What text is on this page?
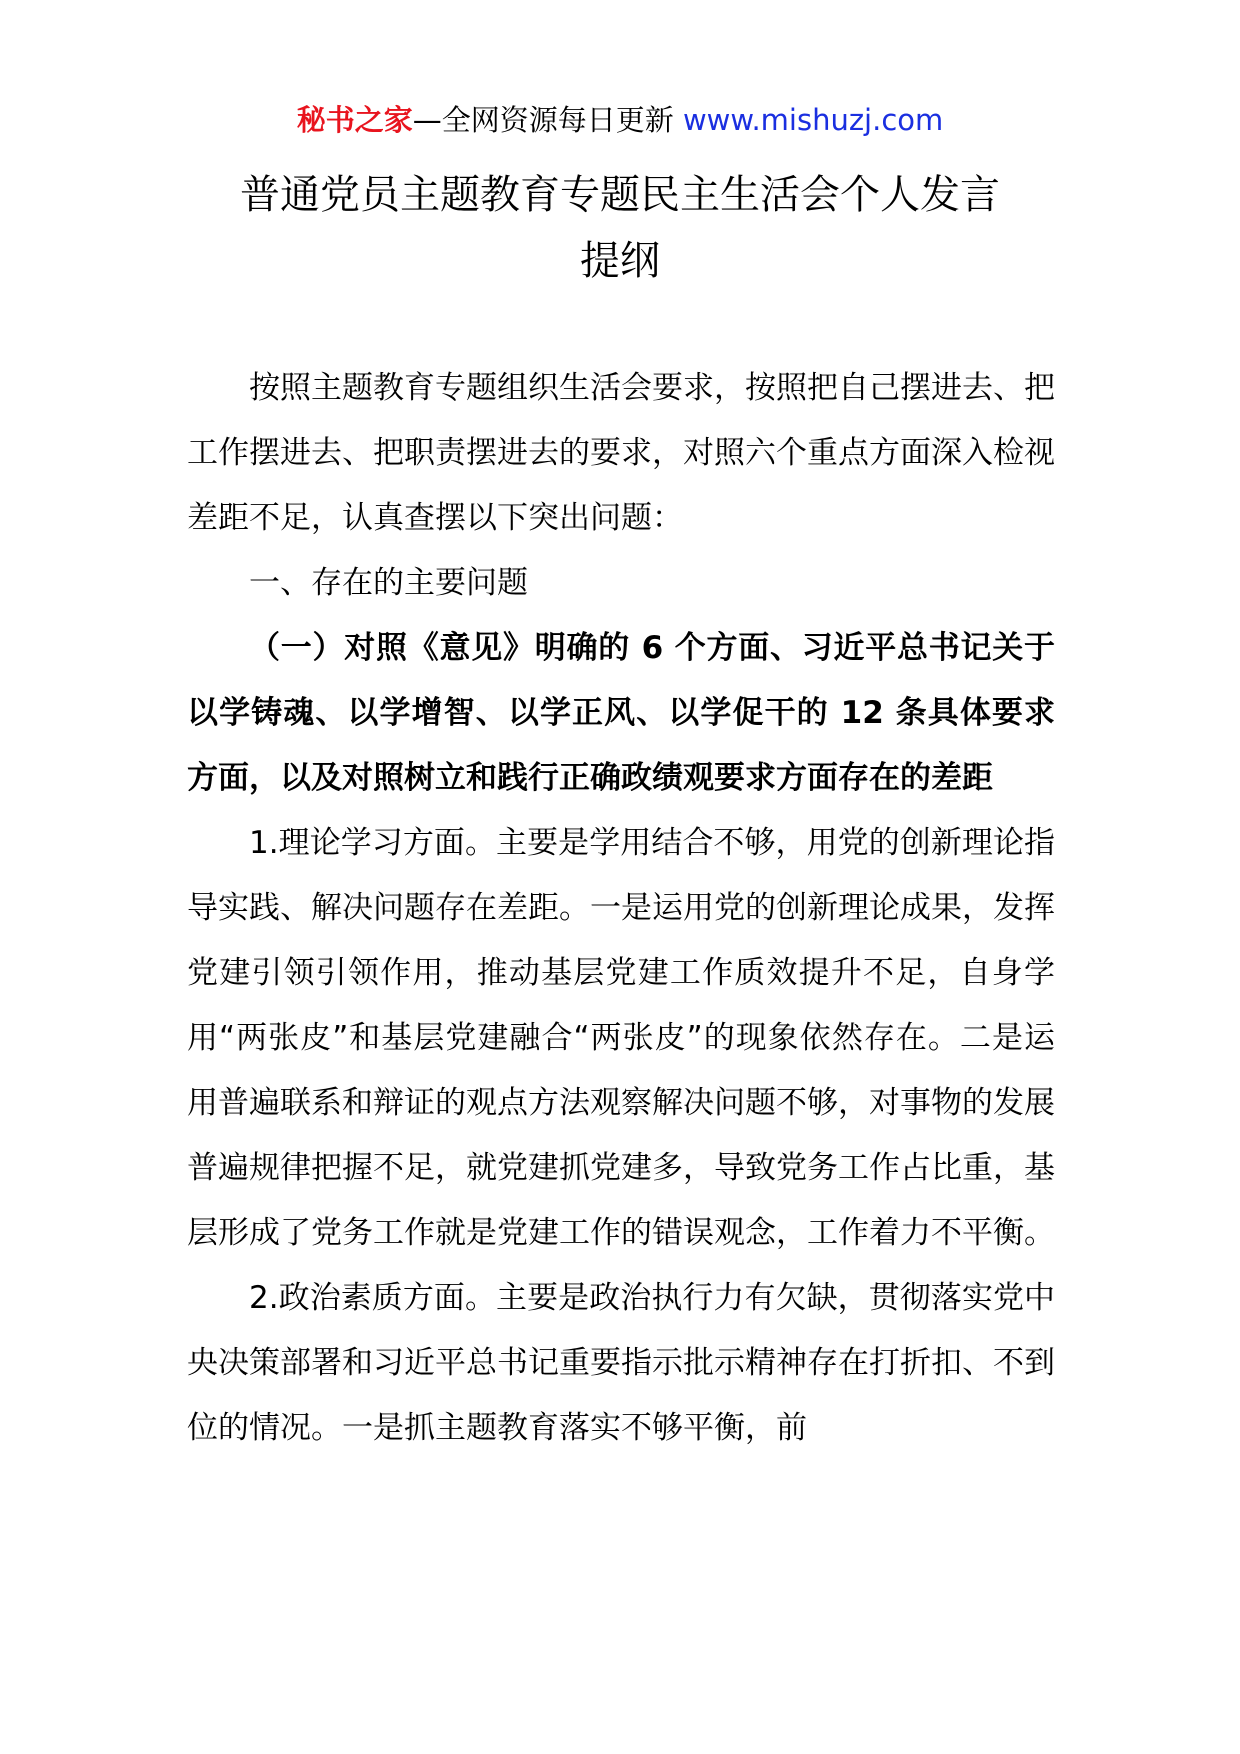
秘书之家—全网资源每日更新 www.mishuzj.com
普通党员主题教育专题民主生活会个人发言
提纲

按照主题教育专题组织生活会要求，按照把自己摆进去、把工作摆进去、把职责摆进去的要求，对照六个重点方面深入检视差距不足，认真查摆以下突出问题：

一、存在的主要问题

（一）对照《意见》明确的 6 个方面、习近平总书记关于以学铸魂、以学增智、以学正风、以学促干的 12 条具体要求方面，以及对照树立和践行正确政绩观要求方面存在的差距

1.理论学习方面。主要是学用结合不够，用党的创新理论指导实践、解决问题存在差距。一是运用党的创新理论成果，发挥党建引领引领作用，推动基层党建工作质效提升不足，自身学用“两张皮”和基层党建融合“两张皮”的现象依然存在。二是运用普遍联系和辩证的观点方法观察解决问题不够，对事物的发展普遍规律把握不足，就党建抓党建多，导致党务工作占比重，基层形成了党务工作就是党建工作的错误观念，工作着力不平衡。

2.政治素质方面。主要是政治执行力有欠缺，贯彻落实党中央决策部署和习近平总书记重要指示批示精神存在打折扣、不到位的情况。一是抓主题教育落实不够平衡，前
